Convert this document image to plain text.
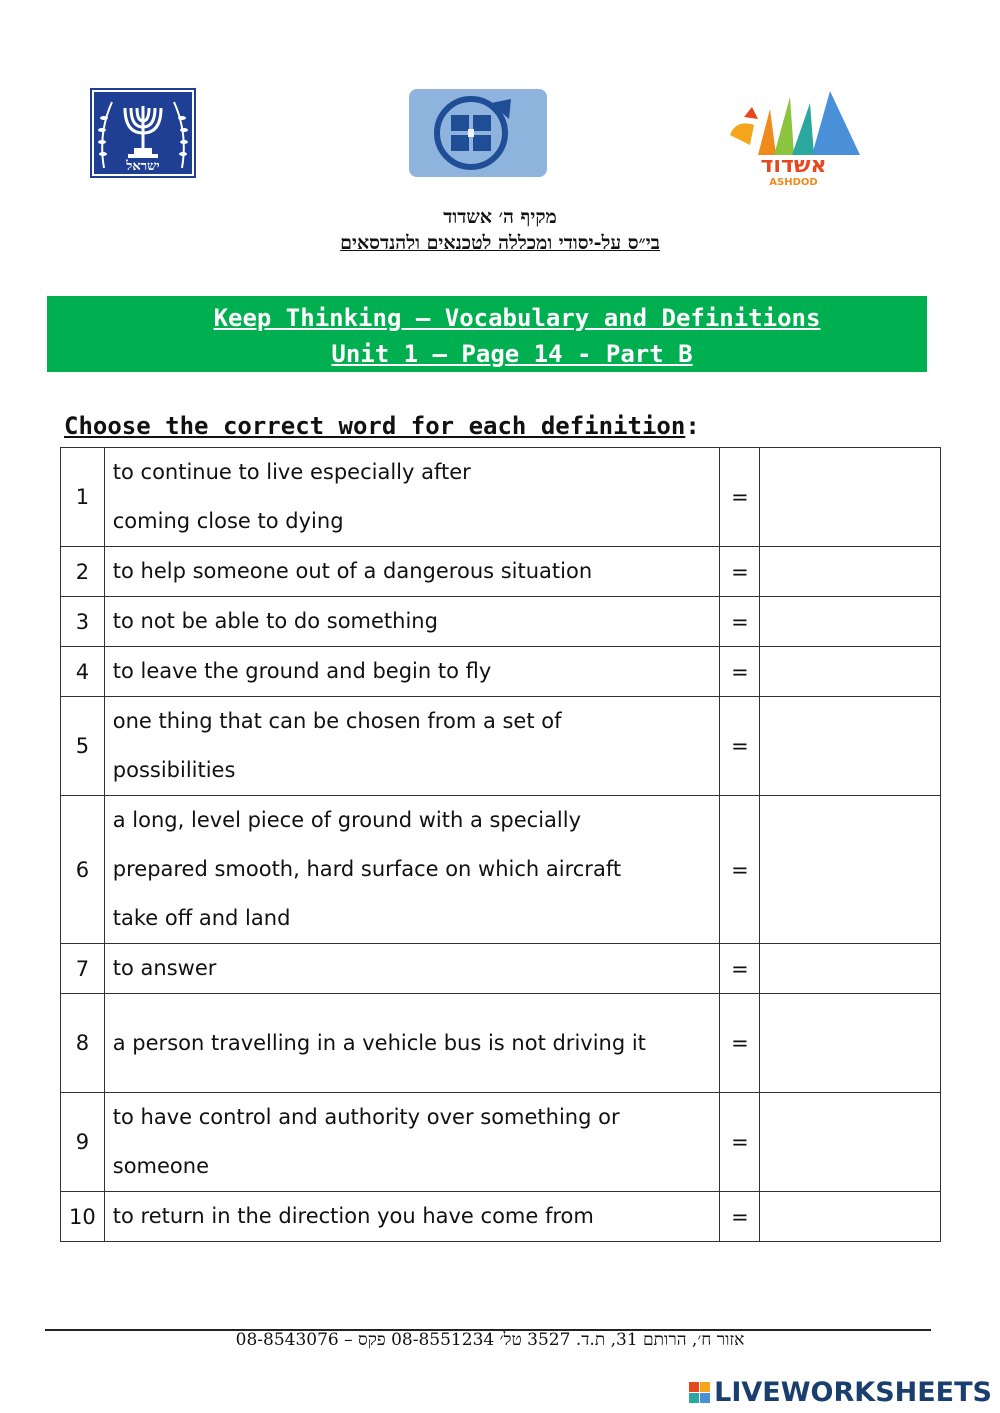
ישראל	אשדוד
ASHDOD
מקיף ה׳ אשדוד
בי״ס על-יסודי ומכללה לטכנאים ולהנדסאים
Keep Thinking – Vocabulary and Definitions
Unit 1 – Page 14 - Part B
Choose the correct word for each definition:
1	to continue to live especially after coming close to dying	=	
2	to help someone out of a dangerous situation	=	
3	to not be able to do something	=	
4	to leave the ground and begin to fly	=	
5	one thing that can be chosen from a set of possibilities	=	
6	a long, level piece of ground with a specially prepared smooth, hard surface on which aircraft take off and land	=	
7	to answer	=	
8	a person travelling in a vehicle bus is not driving it	=	
9	to have control and authority over something or someone	=	
10	to return in the direction you have come from	=	
אזור ח׳, הרותם 31, ת.ד. 3527 טל׳ 08-8551234 פקס – 08-8543076
LIVEWORKSHEETS
